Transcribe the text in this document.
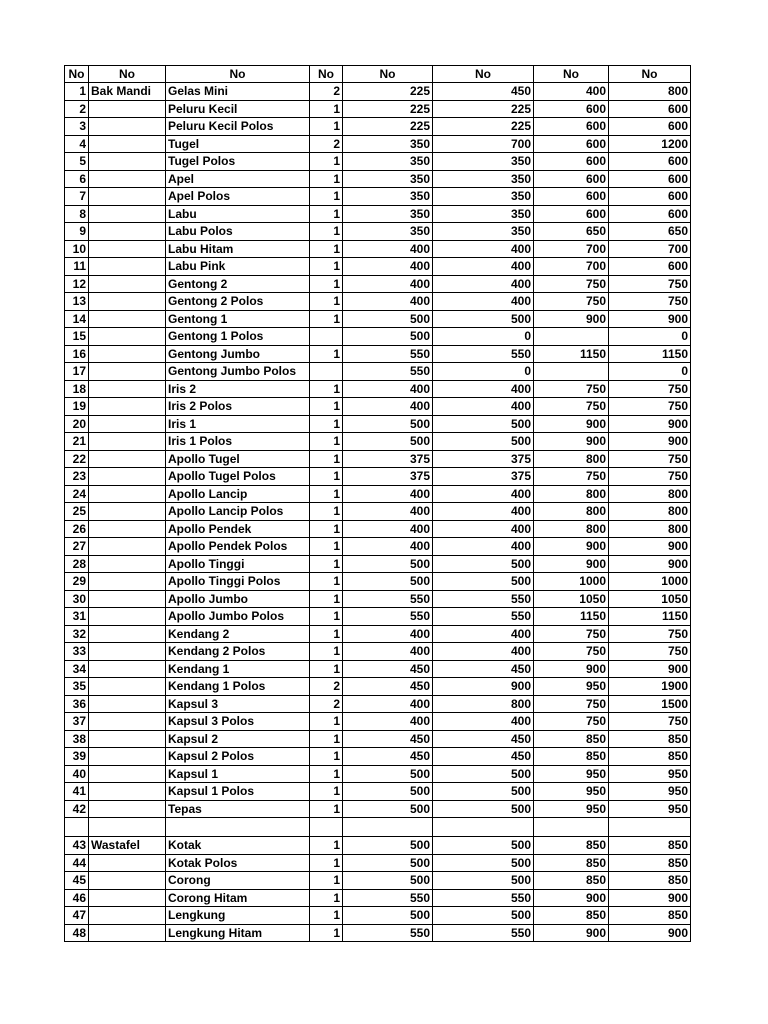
No	No	No	No	No	No	No	No
1	Bak Mandi	Gelas Mini	2	225	450	400	800
2		Peluru Kecil	1	225	225	600	600
3		Peluru Kecil Polos	1	225	225	600	600
4		Tugel	2	350	700	600	1200
5		Tugel Polos	1	350	350	600	600
6		Apel	1	350	350	600	600
7		Apel Polos	1	350	350	600	600
8		Labu	1	350	350	600	600
9		Labu Polos	1	350	350	650	650
10		Labu Hitam	1	400	400	700	700
11		Labu Pink	1	400	400	700	600
12		Gentong 2	1	400	400	750	750
13		Gentong 2 Polos	1	400	400	750	750
14		Gentong 1	1	500	500	900	900
15		Gentong 1 Polos		500	0		0
16		Gentong Jumbo	1	550	550	1150	1150
17		Gentong Jumbo Polos		550	0		0
18		Iris 2	1	400	400	750	750
19		Iris 2 Polos	1	400	400	750	750
20		Iris 1	1	500	500	900	900
21		Iris 1 Polos	1	500	500	900	900
22		Apollo Tugel	1	375	375	800	750
23		Apollo Tugel Polos	1	375	375	750	750
24		Apollo Lancip	1	400	400	800	800
25		Apollo Lancip Polos	1	400	400	800	800
26		Apollo Pendek	1	400	400	800	800
27		Apollo Pendek Polos	1	400	400	900	900
28		Apollo Tinggi	1	500	500	900	900
29		Apollo Tinggi Polos	1	500	500	1000	1000
30		Apollo Jumbo	1	550	550	1050	1050
31		Apollo Jumbo Polos	1	550	550	1150	1150
32		Kendang 2	1	400	400	750	750
33		Kendang 2 Polos	1	400	400	750	750
34		Kendang 1	1	450	450	900	900
35		Kendang 1 Polos	2	450	900	950	1900
36		Kapsul 3	2	400	800	750	1500
37		Kapsul 3 Polos	1	400	400	750	750
38		Kapsul 2	1	450	450	850	850
39		Kapsul 2 Polos	1	450	450	850	850
40		Kapsul 1	1	500	500	950	950
41		Kapsul 1 Polos	1	500	500	950	950
42		Tepas	1	500	500	950	950

43	Wastafel	Kotak	1	500	500	850	850
44		Kotak Polos	1	500	500	850	850
45		Corong	1	500	500	850	850
46		Corong Hitam	1	550	550	900	900
47		Lengkung	1	500	500	850	850
48		Lengkung Hitam	1	550	550	900	900
